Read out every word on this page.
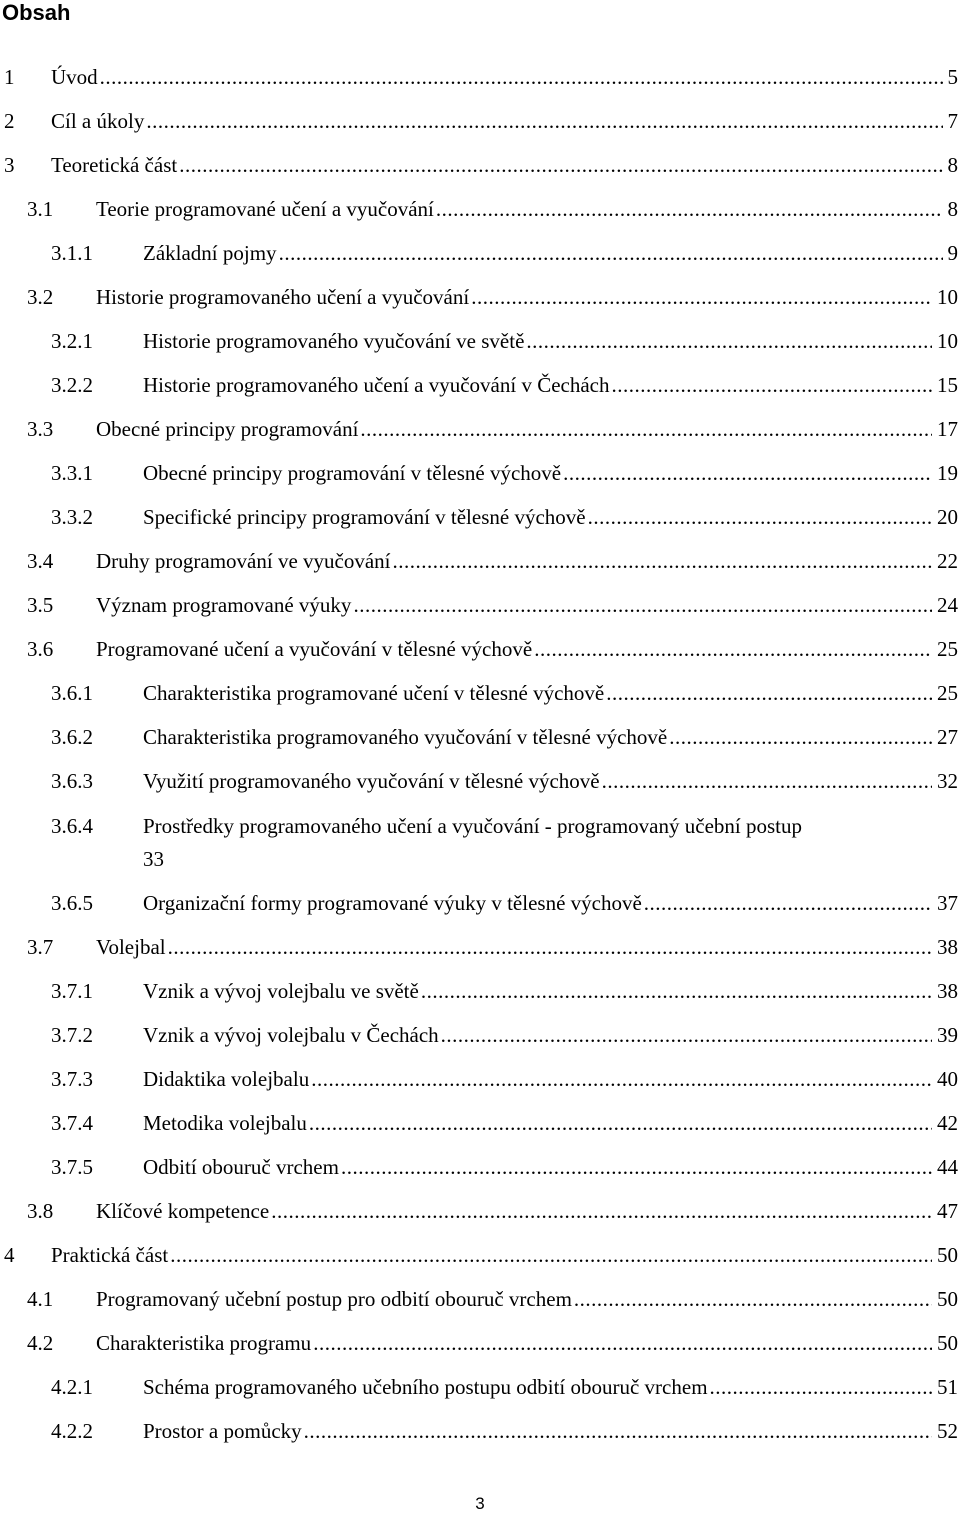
Obsah
1 Úvod .....	5
2 Cíl a úkoly .....	7
3 Teoretická část .....	8
3.1 Teorie programované učení a vyučování .....	8
3.1.1 Základní pojmy .....	9
3.2 Historie programovaného učení a vyučování .....	10
3.2.1 Historie programovaného vyučování ve světě .....	10
3.2.2 Historie programovaného učení a vyučování v Čechách .....	15
3.3 Obecné principy programování .....	17
3.3.1 Obecné principy programování v tělesné výchově .....	19
3.3.2 Specifické principy programování v tělesné výchově .....	20
3.4 Druhy programování ve vyučování .....	22
3.5 Význam programované výuky .....	24
3.6 Programované učení a vyučování v tělesné výchově .....	25
3.6.1 Charakteristika programované učení v tělesné výchově .....	25
3.6.2 Charakteristika programovaného vyučování v tělesné výchově .....	27
3.6.3 Využití programovaného vyučování v tělesné výchově .....	32
3.6.4 Prostředky programovaného učení a vyučování - programovaný učební postup
33
3.6.5 Organizační formy programované výuky v tělesné výchově .....	37
3.7 Volejbal .....	38
3.7.1 Vznik a vývoj volejbalu ve světě .....	38
3.7.2 Vznik a vývoj volejbalu v Čechách .....	39
3.7.3 Didaktika volejbalu .....	40
3.7.4 Metodika volejbalu .....	42
3.7.5 Odbití obouruč vrchem .....	44
3.8 Klíčové kompetence .....	47
4 Praktická část .....	50
4.1 Programovaný učební postup pro odbití obouruč vrchem .....	50
4.2 Charakteristika programu .....	50
4.2.1 Schéma programovaného učebního postupu odbití obouruč vrchem .....	51
4.2.2 Prostor a pomůcky .....	52
3
